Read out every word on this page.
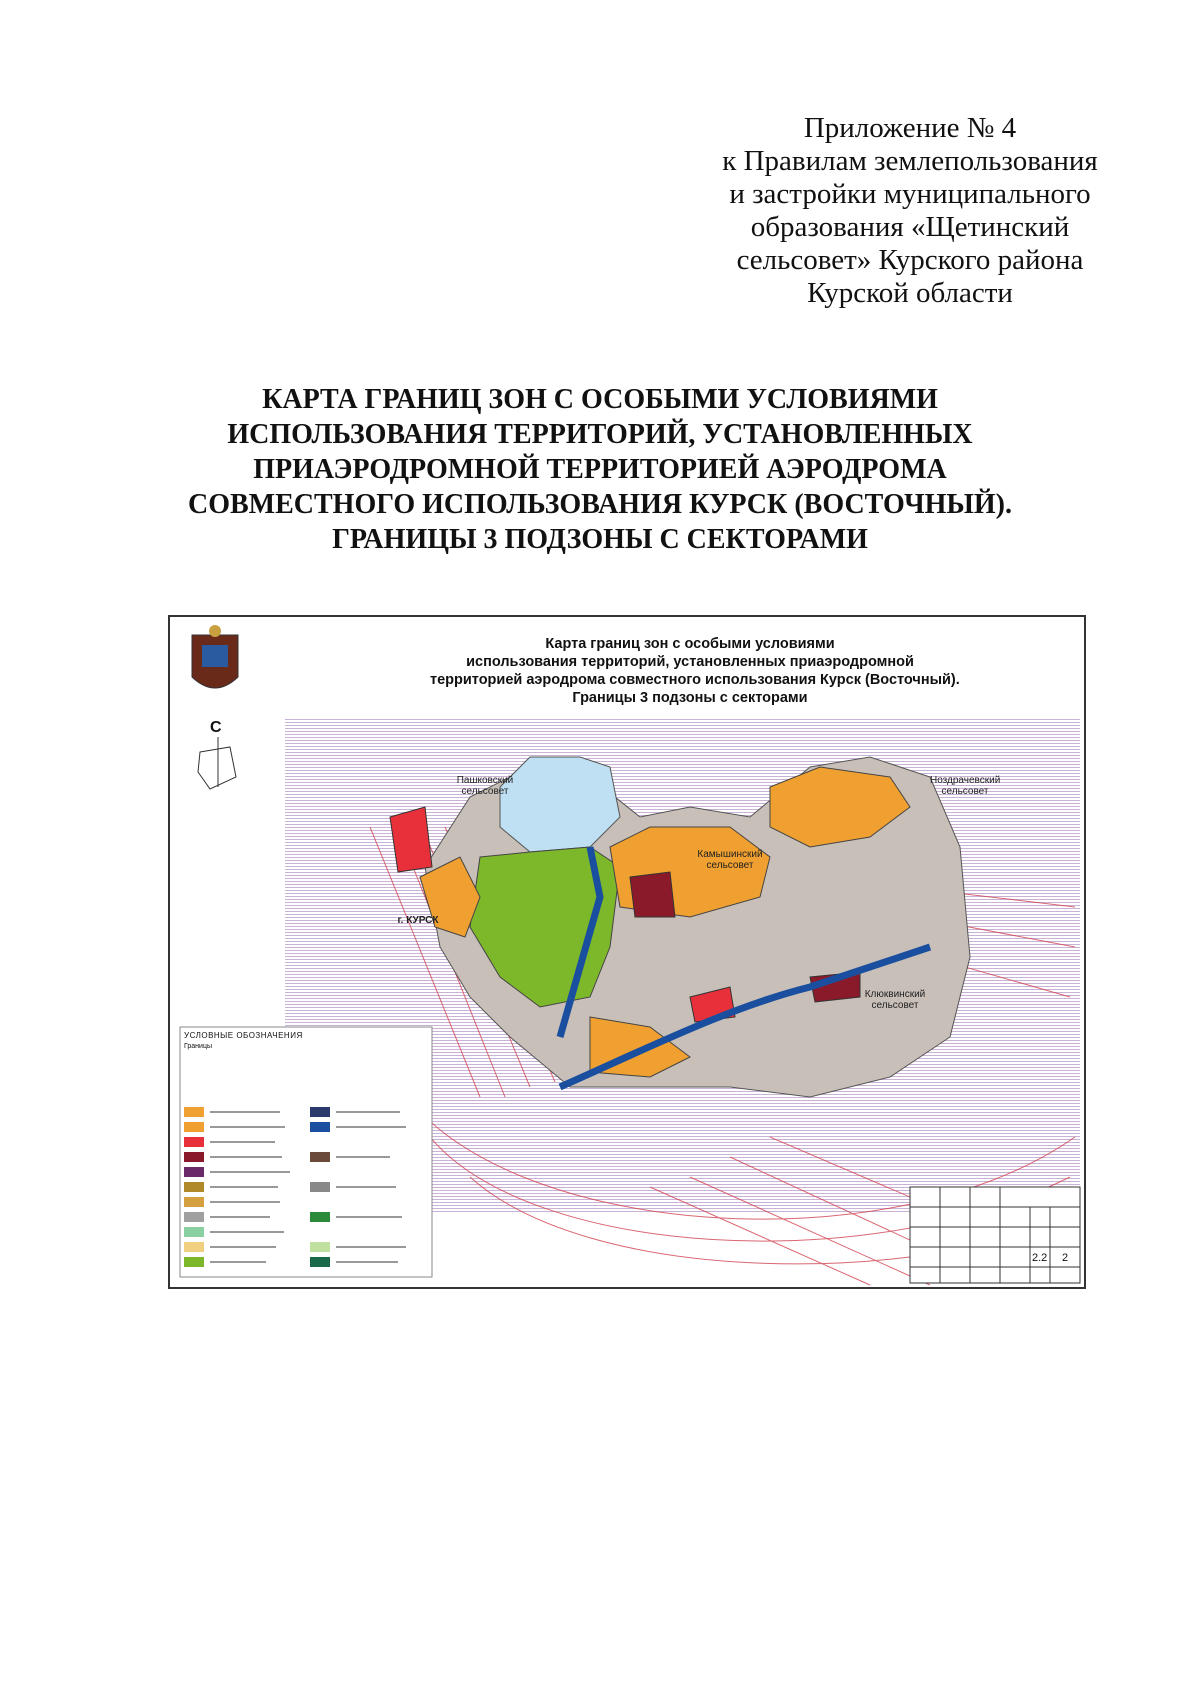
Приложение № 4
к Правилам землепользования
и застройки муниципального
образования «Щетинский
сельсовет» Курского района
Курской области
КАРТА ГРАНИЦ ЗОН С ОСОБЫМИ УСЛОВИЯМИ
ИСПОЛЬЗОВАНИЯ ТЕРРИТОРИЙ, УСТАНОВЛЕННЫХ
ПРИАЭРОДРОМНОЙ ТЕРРИТОРИЕЙ АЭРОДРОМА
СОВМЕСТНОГО ИСПОЛЬЗОВАНИЯ КУРСК (ВОСТОЧНЫЙ).
ГРАНИЦЫ 3 ПОДЗОНЫ С СЕКТОРАМИ
Карта границ зон с особыми условиями
использования территорий, установленных приаэродромной
территорией аэродрома совместного использования Курск (Восточный).
Границы 3 подзоны с секторами
С
Пашковский сельсовет
Ноздрачевский сельсовет
Камышинский сельсовет
Клюквинский сельсовет
г. КУРСК
УСЛОВНЫЕ ОБОЗНАЧЕНИЯ
Границы
2.2 2
